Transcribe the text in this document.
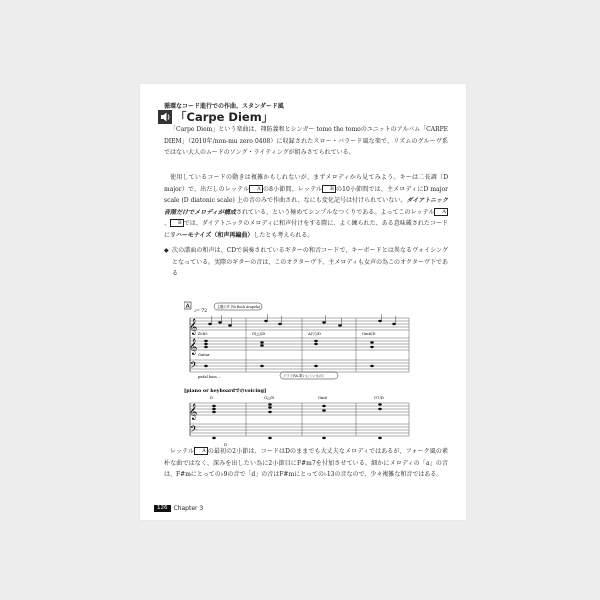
循環なコード進行での作曲、スタンダード風
「Carpe Diem」
「Carpe Diem」という楽曲は、翔防義和とシンガー tomo the tomoのユニットのアルバム「CARPE DIEM」（2010年/non-mu zero 0408）に収録されたスロー・バラード風な楽で、リズムのグルーヴ系ではない大人のムードのソング・ライティングが組みさてられている。
使用しているコードの動きは複雑かもしれないが、まずメロディから見てみよう。キーは二長調（D major）で、出だしのレッテル A の8小節間、レッテル B の10小節間では、主メロディにD major scale (D diatonic scale) 上の音のみで作曲され、なにも変化記号は付けられていない。ダイアトニック音階だけでメロディが構成されている、という極めてシンプルなつくりである。よってこのレッテル A、 B では、ダイアトニックのメロディに和声付けをする際に、よく練られた、ある意味蔵されたコードにリハーモナイズ（和声再編曲）したとも考えられる。
◆ 次の譜面の和声は、CDで演奏されているギターの和音コードで、キーボードとは異なるヴォイシングとなっている。実際のギターの音は、このオクターヴ下、主メロディも女声の為このオクターヴ下である
A
♩= 72
主題の声 (Vo.Rock Acapela)
𝄞
𝄞
𝄢
Ib-b5
Guitar
G(△)/D	A(▽)/D	Gm6/D
pedal bass ...	ドラド(Vo.歌いにくいもの)
[piano or keyboardでのvoicing]
𝄞
𝄢
D	G△/D	Gm6	G7/D
D
レッテル A の最初の2小節は、コードはDのままでも大丈夫なメロディではあるが、フォーク風の素朴な曲ではなく、深みを出したい為に2小節目にF#m7を付加させている。細かにメロディの「a」の音は、F#mにとっての♭9の音で「d」の音はF#mにとっての♭13の音なので、少々複雑な和音ではある。
126	Chapter 3
